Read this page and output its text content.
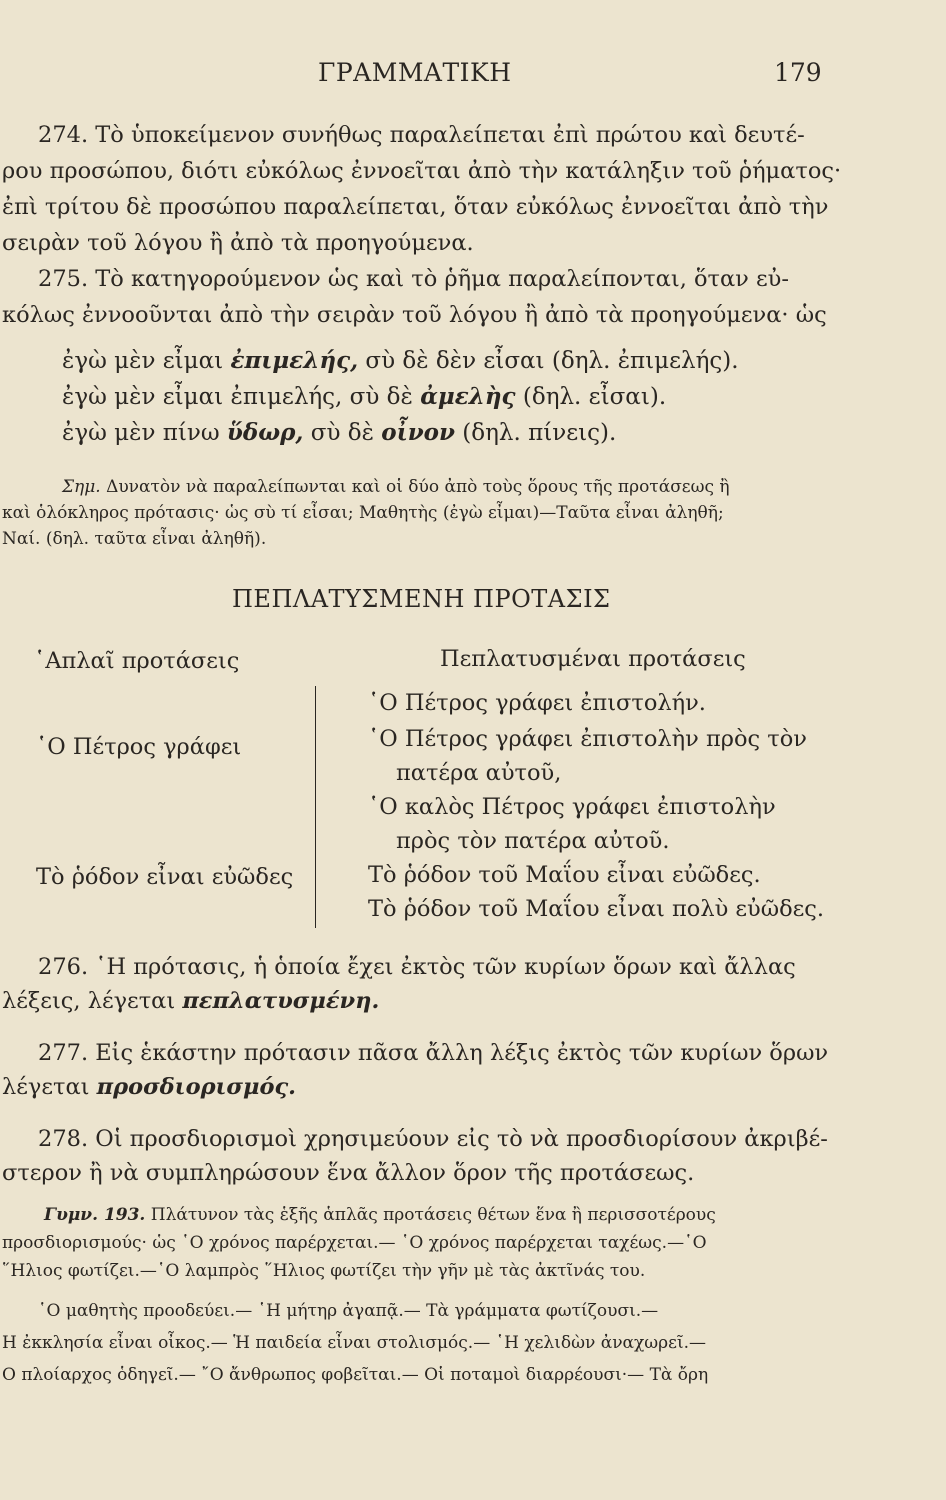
ΓΡΑΜΜΑΤΙΚΗ	179
274. Τὸ ὑποκείμενον συνήθως παραλείπεται ἐπὶ πρώτου καὶ δευτέ-
ρου προσώπου, διότι εὐκόλως ἐννοεῖται ἀπὸ τὴν κατάληξιν τοῦ ῥήματος·
ἐπὶ τρίτου δὲ προσώπου παραλείπεται, ὅταν εὐκόλως ἐννοεῖται ἀπὸ τὴν
σειρὰν τοῦ λόγου ἢ ἀπὸ τὰ προηγούμενα.
275. Τὸ κατηγορούμενον ὡς καὶ τὸ ῥῆμα παραλείπονται, ὅταν εὐ-
κόλως ἐννοοῦνται ἀπὸ τὴν σειρὰν τοῦ λόγου ἢ ἀπὸ τὰ προηγούμενα· ὡς
ἐγὼ μὲν εἶμαι ἐπιμελής, σὺ δὲ δὲν εἶσαι (δηλ. ἐπιμελής).
ἐγὼ μὲν εἶμαι ἐπιμελής, σὺ δὲ ἀμελὴς (δηλ. εἶσαι).
ἐγὼ μὲν πίνω ὕδωρ, σὺ δὲ οἶνον (δηλ. πίνεις).
Σημ. Δυνατὸν νὰ παραλείπωνται καὶ οἱ δύο ἀπὸ τοὺς ὅρους τῆς προτάσεως ἢ
καὶ ὁλόκληρος πρότασις· ὡς σὺ τί εἶσαι; Μαθητὴς (ἐγὼ εἶμαι)—Ταῦτα εἶναι ἀληθῆ;
Ναί. (δηλ. ταῦτα εἶναι ἀληθῆ).
ΠΕΠΛΑΤΥΣΜΕΝΗ ΠΡΟΤΑΣΙΣ
῾Απλαῖ προτάσεις	Πεπλατυσμέναι προτάσεις
῾Ο Πέτρος γράφει
Τὸ ῥόδον εἶναι εὐῶδες
῾Ο Πέτρος γράφει ἐπιστολήν.
῾Ο Πέτρος γράφει ἐπιστολὴν πρὸς τὸν
πατέρα αὐτοῦ,
῾Ο καλὸς Πέτρος γράφει ἐπιστολὴν
πρὸς τὸν πατέρα αὐτοῦ.
Τὸ ῥόδον τοῦ Μαΐου εἶναι εὐῶδες.
Τὸ ῥόδον τοῦ Μαΐου εἶναι πολὺ εὐῶδες.
276. ῾Η πρότασις, ἡ ὁποία ἔχει ἐκτὸς τῶν κυρίων ὅρων καὶ ἄλλας
λέξεις, λέγεται πεπλατυσμένη.
277. Εἰς ἑκάστην πρότασιν πᾶσα ἄλλη λέξις ἐκτὸς τῶν κυρίων ὅρων
λέγεται προσδιορισμός.
278. Οἱ προσδιορισμοὶ χρησιμεύουν εἰς τὸ νὰ προσδιορίσουν ἀκριβέ-
στερον ἢ νὰ συμπληρώσουν ἕνα ἄλλον ὅρον τῆς προτάσεως.
Γυμν. 193. Πλάτυνον τὰς ἑξῆς ἁπλᾶς προτάσεις θέτων ἕνα ἢ περισσοτέρους
προσδιορισμούς· ὡς ῾Ο χρόνος παρέρχεται.— ῾Ο χρόνος παρέρχεται ταχέως.—῾Ο
῞Ηλιος φωτίζει.—῾Ο λαμπρὸς ῞Ηλιος φωτίζει τὴν γῆν μὲ τὰς ἀκτῖνάς του.
῾Ο μαθητὴς προοδεύει.— ῾Η μήτηρ ἀγαπᾷ.— Τὰ γράμματα φωτίζουσι.—
Η ἐκκλησία εἶναι οἶκος.— Ἡ παιδεία εἶναι στολισμός.— ῾Η χελιδὼν ἀναχωρεῖ.—
Ο πλοίαρχος ὁδηγεῖ.— ῎Ο ἄνθρωπος φοβεῖται.— Οἱ ποταμοὶ διαρρέουσι·— Τὰ ὄρη
